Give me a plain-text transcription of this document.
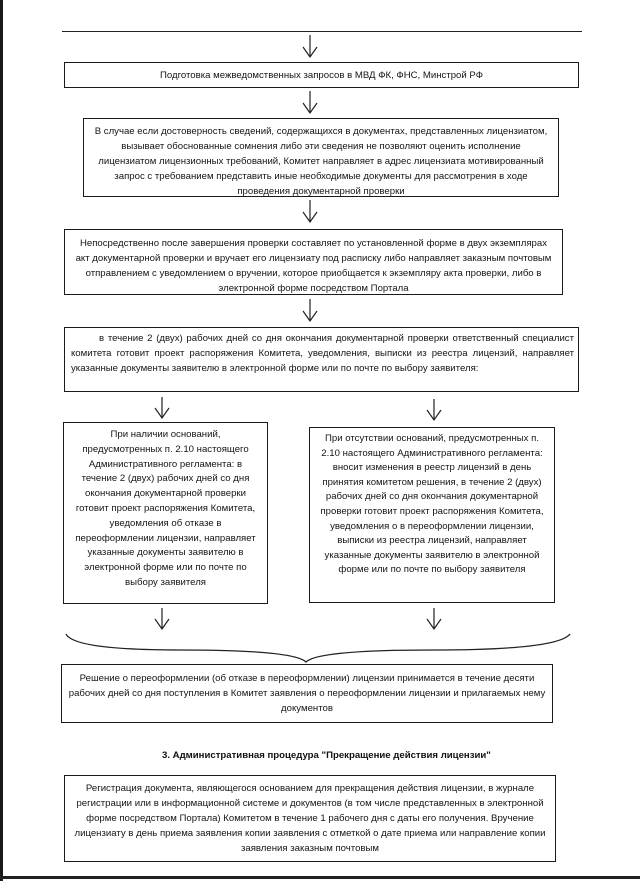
Подготовка межведомственных запросов в МВД ФК, ФНС, Минстрой РФ
В случае если достоверность сведений, содержащихся в документах, представленных лицензиатом, вызывает обоснованные сомнения либо эти сведения не позволяют оценить исполнение лицензиатом лицензионных требований, Комитет направляет в адрес лицензиата мотивированный запрос с требованием представить иные необходимые документы для рассмотрения в ходе проведения документарной проверки
Непосредственно после завершения проверки составляет по установленной форме в двух экземплярах акт документарной проверки и вручает его лицензиату под расписку либо направляет заказным почтовым отправлением с уведомлением о вручении, которое приобщается к экземпляру акта проверки, либо в электронной форме посредством Портала
в течение 2 (двух) рабочих дней со дня окончания документарной проверки ответственный специалист комитета готовит проект распоряжения Комитета, уведомления, выписки из реестра лицензий, направляет указанные документы заявителю в электронной форме или по почте по выбору заявителя:
При наличии оснований, предусмотренных п. 2.10 настоящего Административного регламента: в течение 2 (двух) рабочих дней со дня окончания документарной проверки готовит проект распоряжения Комитета, уведомления об отказе в переоформлении лицензии, направляет указанные документы заявителю в электронной форме или по почте по выбору заявителя
При отсутствии оснований, предусмотренных п. 2.10 настоящего Административного регламента: вносит изменения в реестр лицензий в день принятия комитетом решения, в течение 2 (двух) рабочих дней со дня окончания документарной проверки готовит проект распоряжения Комитета, уведомления о в переоформлении лицензии, выписки из реестра лицензий, направляет указанные документы заявителю в электронной форме или по почте по выбору заявителя
Решение о переоформлении (об отказе в переоформлении) лицензии принимается в течение десяти рабочих дней со дня поступления в Комитет заявления о переоформлении лицензии и прилагаемых нему документов
3. Административная процедура "Прекращение действия лицензии"
Регистрация документа, являющегося основанием для прекращения действия лицензии, в журнале регистрации или в информационной системе и документов (в том числе представленных в электронной форме посредством Портала) Комитетом в течение 1 рабочего дня с даты его получения. Вручение лицензиату в день приема заявления копии заявления с отметкой о дате приема или направление копии заявления заказным почтовым
